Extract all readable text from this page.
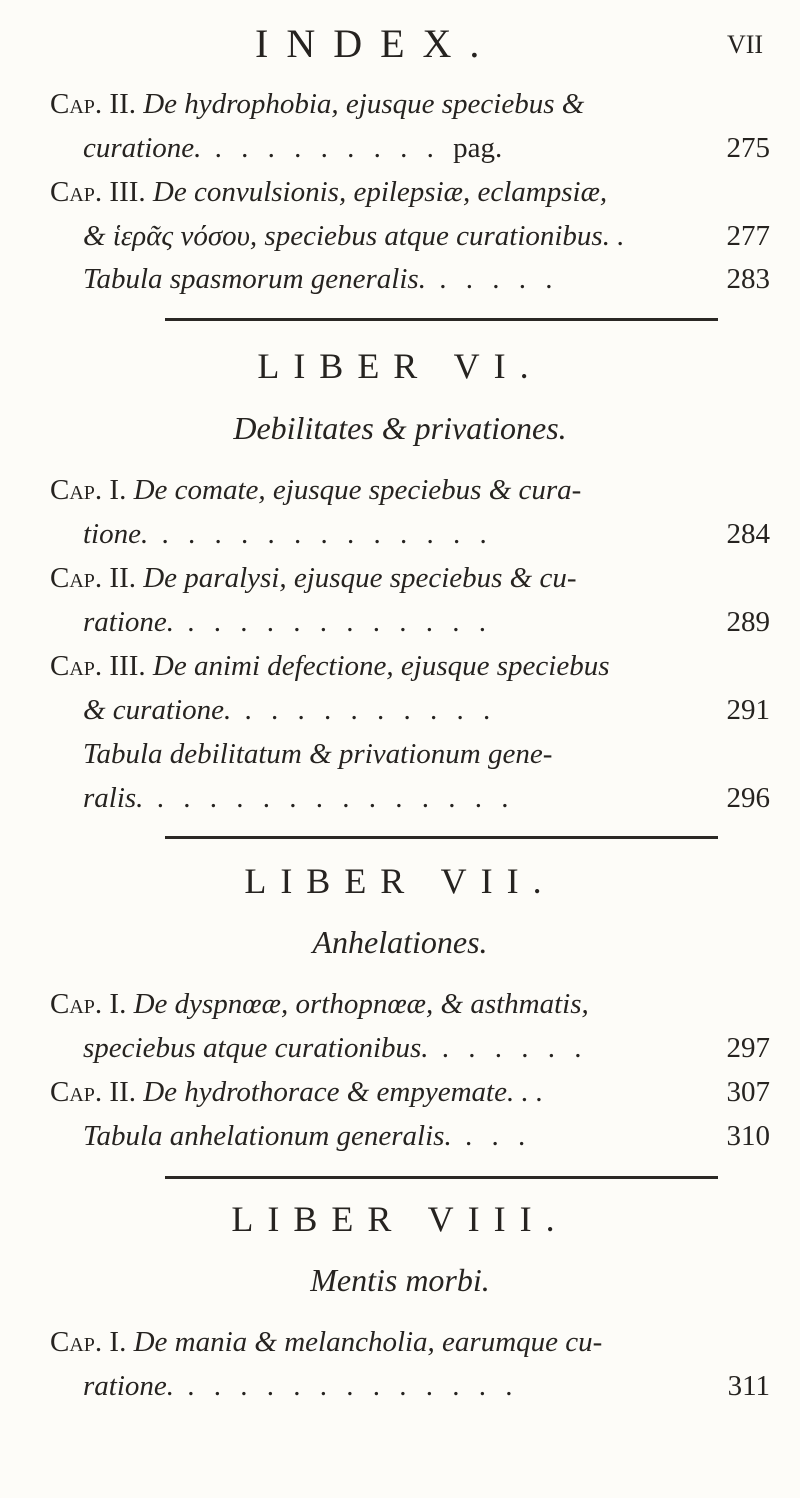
INDEX.	VII
Cap. II. De hydrophobia, ejusque speciebus &
curatione. . . . . . . . . . pag.	275
Cap. III. De convulsionis, epilepsiæ, eclampsiæ,
& ἱερᾶς νόσου, speciebus atque curationibus. .	277
Tabula spasmorum generalis. . . . . .	283
LIBER VI.
Debilitates & privationes.
Cap. I. De comate, ejusque speciebus & cura-
tione. . . . . . . . . . . . . .	284
Cap. II. De paralysi, ejusque speciebus & cu-
ratione. . . . . . . . . . . . .	289
Cap. III. De animi defectione, ejusque speciebus
& curatione. . . . . . . . . . .	291
Tabula debilitatum & privationum gene-
ralis. . . . . . . . . . . . . . .	296
LIBER VII.
Anhelationes.
Cap. I. De dyspnœæ, orthopnœæ, & asthmatis,
speciebus atque curationibus. . . . . . .	297
Cap. II. De hydrothorace & empyemate. . .	307
Tabula anhelationum generalis. . . .	310
LIBER VIII.
Mentis morbi.
Cap. I. De mania & melancholia, earumque cu-
ratione. . . . . . . . . . . . . .	311
